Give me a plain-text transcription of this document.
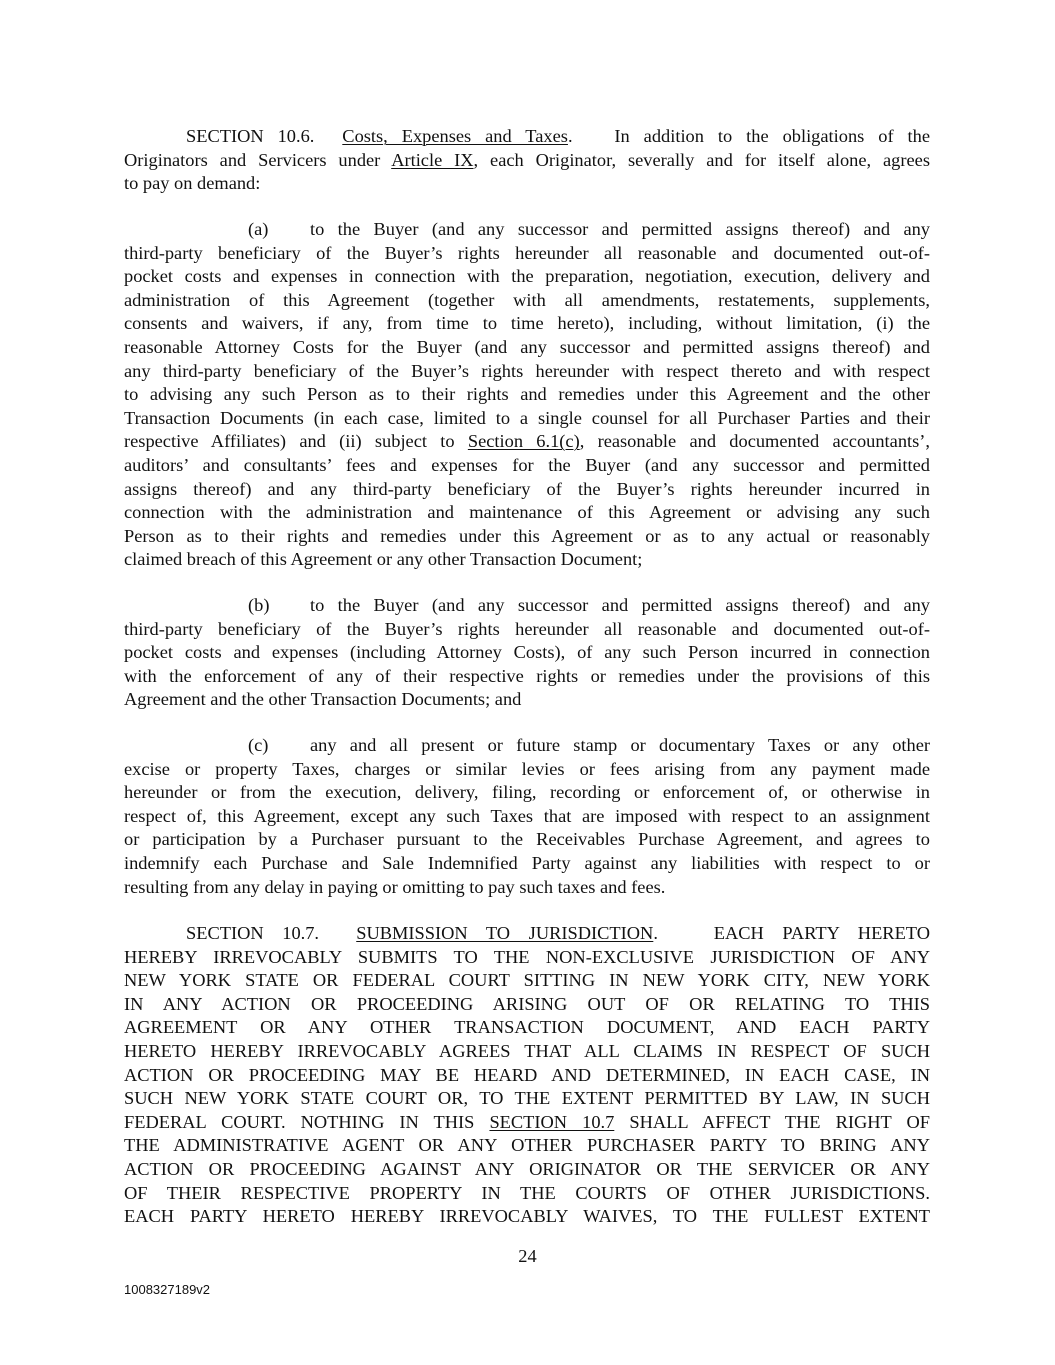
SECTION 10.6. Costs, Expenses and Taxes.   In addition to the obligations of the
Originators and Servicers under Article IX, each Originator, severally and for itself alone, agrees
to pay on demand:
(a) to the Buyer (and any successor and permitted assigns thereof) and any
third-party beneficiary of the Buyer’s rights hereunder all reasonable and documented out-of-
pocket costs and expenses in connection with the preparation, negotiation, execution, delivery and
administration of this Agreement (together with all amendments, restatements, supplements,
consents and waivers, if any, from time to time hereto), including, without limitation, (i) the
reasonable Attorney Costs for the Buyer (and any successor and permitted assigns thereof) and
any third-party beneficiary of the Buyer’s rights hereunder with respect thereto and with respect
to advising any such Person as to their rights and remedies under this Agreement and the other
Transaction Documents (in each case, limited to a single counsel for all Purchaser Parties and their
respective Affiliates) and (ii) subject to Section 6.1(c), reasonable and documented accountants’,
auditors’ and consultants’ fees and expenses for the Buyer (and any successor and permitted
assigns thereof) and any third-party beneficiary of the Buyer’s rights hereunder incurred in
connection with the administration and maintenance of this Agreement or advising any such
Person as to their rights and remedies under this Agreement or as to any actual or reasonably
claimed breach of this Agreement or any other Transaction Document;
(b) to the Buyer (and any successor and permitted assigns thereof) and any
third-party beneficiary of the Buyer’s rights hereunder all reasonable and documented out-of-
pocket costs and expenses (including Attorney Costs), of any such Person incurred in connection
with the enforcement of any of their respective rights or remedies under the provisions of this
Agreement and the other Transaction Documents; and
(c) any and all present or future stamp or documentary Taxes or any other
excise or property Taxes, charges or similar levies or fees arising from any payment made
hereunder or from the execution, delivery, filing, recording or enforcement of, or otherwise in
respect of, this Agreement, except any such Taxes that are imposed with respect to an assignment
or participation by a Purchaser pursuant to the Receivables Purchase Agreement, and agrees to
indemnify each Purchase and Sale Indemnified Party against any liabilities with respect to or
resulting from any delay in paying or omitting to pay such taxes and fees.
SECTION 10.7. SUBMISSION TO JURISDICTION.   EACH PARTY HERETO
HEREBY IRREVOCABLY SUBMITS TO THE NON-EXCLUSIVE JURISDICTION OF ANY
NEW YORK STATE OR FEDERAL COURT SITTING IN NEW YORK CITY, NEW YORK
IN ANY ACTION OR PROCEEDING ARISING OUT OF OR RELATING TO THIS
AGREEMENT OR ANY OTHER TRANSACTION DOCUMENT, AND EACH PARTY
HERETO HEREBY IRREVOCABLY AGREES THAT ALL CLAIMS IN RESPECT OF SUCH
ACTION OR PROCEEDING MAY BE HEARD AND DETERMINED, IN EACH CASE, IN
SUCH NEW YORK STATE COURT OR, TO THE EXTENT PERMITTED BY LAW, IN SUCH
FEDERAL COURT. NOTHING IN THIS SECTION 10.7 SHALL AFFECT THE RIGHT OF
THE ADMINISTRATIVE AGENT OR ANY OTHER PURCHASER PARTY TO BRING ANY
ACTION OR PROCEEDING AGAINST ANY ORIGINATOR OR THE SERVICER OR ANY
OF THEIR RESPECTIVE PROPERTY IN THE COURTS OF OTHER JURISDICTIONS.
EACH PARTY HERETO HEREBY IRREVOCABLY WAIVES, TO THE FULLEST EXTENT
24
1008327189v2
